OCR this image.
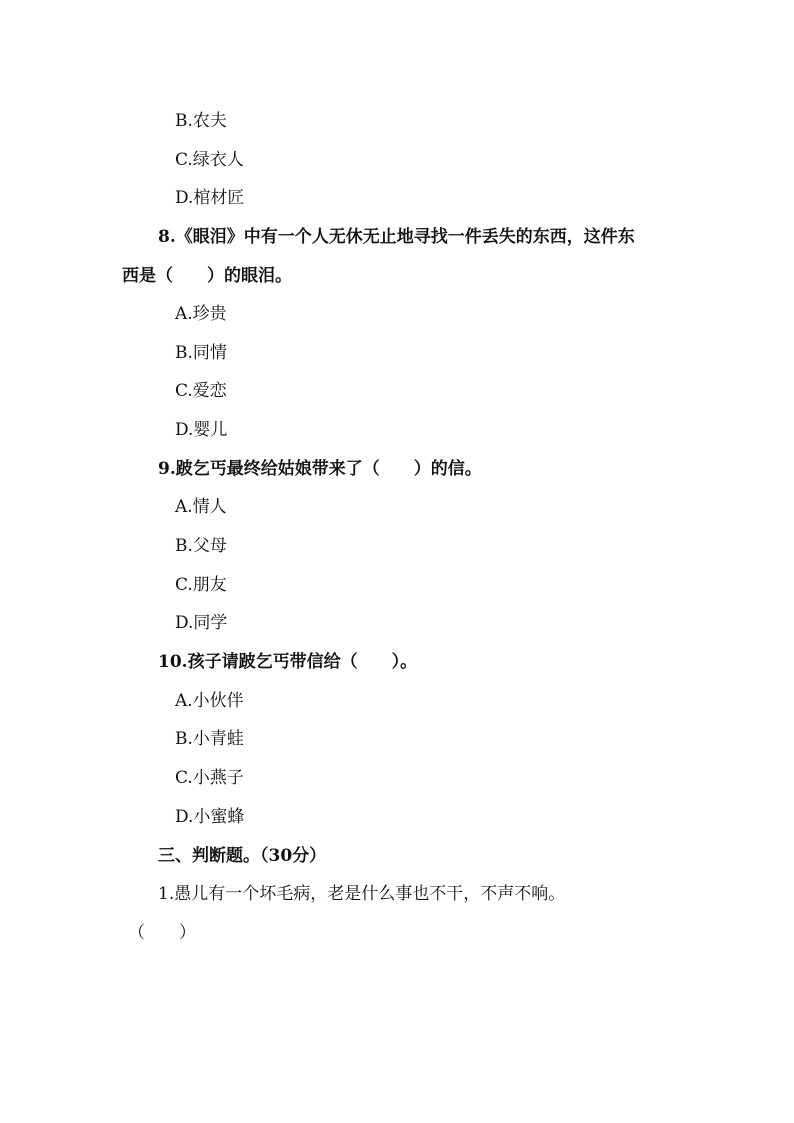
B.农夫
C.绿衣人
D.棺材匠
8.《眼泪》中有一个人无休无止地寻找一件丢失的东西，这件东
西是（　　）的眼泪。
A.珍贵
B.同情
C.爱恋
D.婴儿
9.跛乞丐最终给姑娘带来了（　　）的信。
A.情人
B.父母
C.朋友
D.同学
10.孩子请跛乞丐带信给（　　）。
A.小伙伴
B.小青蛙
C.小燕子
D.小蜜蜂
三、判断题。（30分）
1.愚儿有一个坏毛病，老是什么事也不干，不声不响。
（　　）
